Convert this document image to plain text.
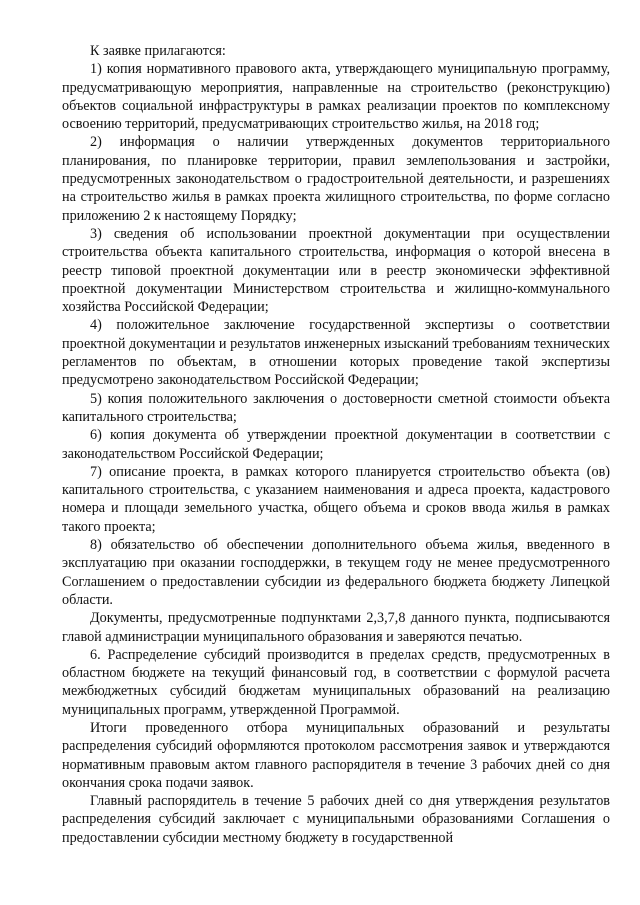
К заявке прилагаются:

1) копия нормативного правового акта, утверждающего муниципальную программу, предусматривающую мероприятия, направленные на строительство (реконструкцию) объектов социальной инфраструктуры в рамках реализации проектов по комплексному освоению территорий, предусматривающих строительство жилья, на 2018 год;

2) информация о наличии утвержденных документов территориального планирования, по планировке территории, правил землепользования и застройки, предусмотренных законодательством о градостроительной деятельности, и разрешениях на строительство жилья в рамках проекта жилищного строительства, по форме согласно приложению 2 к настоящему Порядку;

3) сведения об использовании проектной документации при осуществлении строительства объекта капитального строительства, информация о которой внесена в реестр типовой проектной документации или в реестр экономически эффективной проектной документации Министерством строительства и жилищно-коммунального хозяйства Российской Федерации;

4) положительное заключение государственной экспертизы о соответствии проектной документации и результатов инженерных изысканий требованиям технических регламентов по объектам, в отношении которых проведение такой экспертизы предусмотрено законодательством Российской Федерации;

5) копия положительного заключения о достоверности сметной стоимости объекта капитального строительства;

6) копия документа об утверждении проектной документации в соответствии с законодательством Российской Федерации;

7) описание проекта, в рамках которого планируется строительство объекта (ов) капитального строительства, с указанием наименования и адреса проекта, кадастрового номера и площади земельного участка, общего объема и сроков ввода жилья в рамках такого проекта;

8) обязательство об обеспечении дополнительного объема жилья, введенного в эксплуатацию при оказании господдержки, в текущем году не менее предусмотренного Соглашением о предоставлении субсидии из федерального бюджета бюджету Липецкой области.

Документы, предусмотренные подпунктами 2,3,7,8 данного пункта, подписываются главой администрации муниципального образования и заверяются печатью.

6. Распределение субсидий производится в пределах средств, предусмотренных в областном бюджете на текущий финансовый год, в соответствии с формулой расчета межбюджетных субсидий бюджетам муниципальных образований на реализацию муниципальных программ, утвержденной Программой.

Итоги проведенного отбора муниципальных образований и результаты распределения субсидий оформляются протоколом рассмотрения заявок и утверждаются нормативным правовым актом главного распорядителя в течение 3 рабочих дней со дня окончания срока подачи заявок.

Главный распорядитель в течение 5 рабочих дней со дня утверждения результатов распределения субсидий заключает с муниципальными образованиями Соглашения о предоставлении субсидии местному бюджету в государственной
